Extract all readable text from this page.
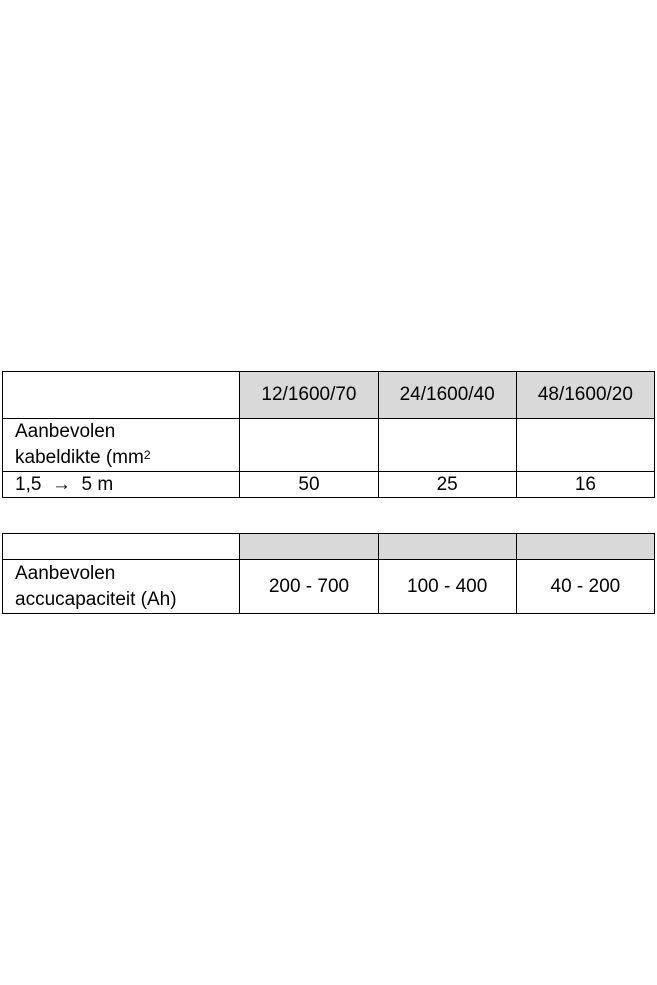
	12/1600/70	24/1600/40	48/1600/20

Aanbevolen
kabeldikte ($mm^2$

1,5  →  5 m	50	25	16

Aanbevolen
accucapaciteit (Ah)	200 - 700	100 - 400	40 - 200
